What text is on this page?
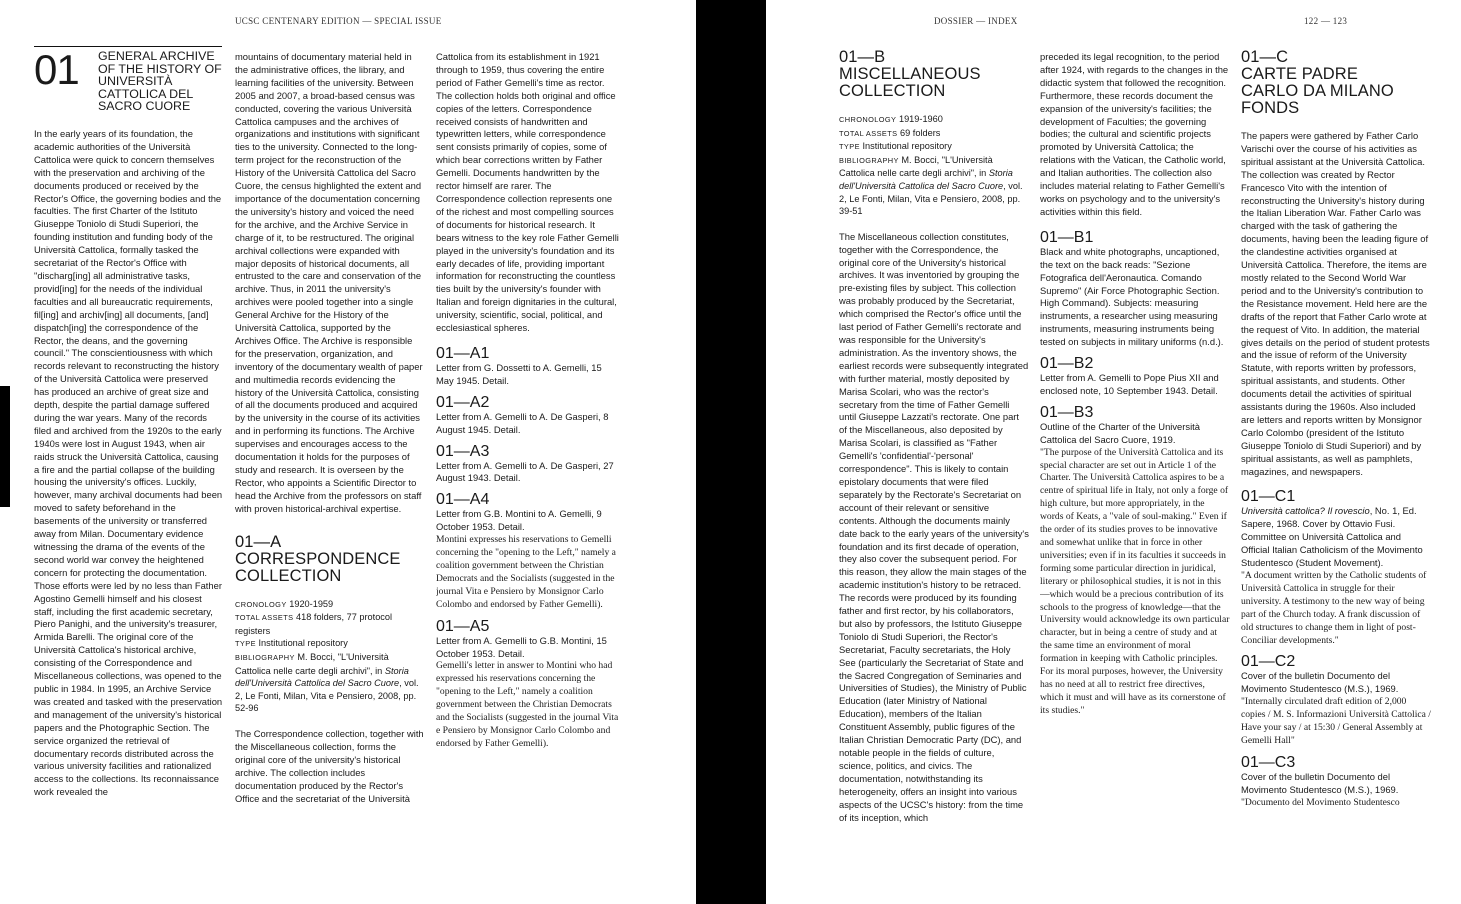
UCSC CENTENARY EDITION — SPECIAL ISSUE	DOSSIER — INDEX	122 — 123
01 GENERAL ARCHIVE OF THE HISTORY OF UNIVERSITÀ CATTOLICA DEL SACRO CUORE

In the early years of its foundation, the academic authorities of the Università Cattolica were quick to concern themselves with the preservation and archiving of the documents produced or received by the Rector's Office, the governing bodies and the faculties. The first Charter of the Istituto Giuseppe Toniolo di Studi Superiori, the founding institution and funding body of the Università Cattolica, formally tasked the secretariat of the Rector's Office with "discharg[ing] all administrative tasks, provid[ing] for the needs of the individual faculties and all bureaucratic requirements, fil[ing] and archiv[ing] all documents, [and] dispatch[ing] the correspondence of the Rector, the deans, and the governing council." The conscientiousness with which records relevant to reconstructing the history of the Università Cattolica were preserved has produced an archive of great size and depth, despite the partial damage suffered during the war years. Many of the records filed and archived from the 1920s to the early 1940s were lost in August 1943, when air raids struck the Università Cattolica, causing a fire and the partial collapse of the building housing the university's offices. Luckily, however, many archival documents had been moved to safety beforehand in the basements of the university or transferred away from Milan. Documentary evidence witnessing the drama of the events of the second world war convey the heightened concern for protecting the documentation. Those efforts were led by no less than Father Agostino Gemelli himself and his closest staff, including the first academic secretary, Piero Panighi, and the university's treasurer, Armida Barelli. The original core of the Università Cattolica's historical archive, consisting of the Correspondence and Miscellaneous collections, was opened to the public in 1984. In 1995, an Archive Service was created and tasked with the preservation and management of the university's historical papers and the Photographic Section. The service organized the retrieval of documentary records distributed across the various university facilities and rationalized access to the collections. Its reconnaissance work revealed the

mountains of documentary material held in the administrative offices, the library, and learning facilities of the university. Between 2005 and 2007, a broad-based census was conducted, covering the various Università Cattolica campuses and the archives of organizations and institutions with significant ties to the university. Connected to the long-term project for the reconstruction of the History of the Università Cattolica del Sacro Cuore, the census highlighted the extent and importance of the documentation concerning the university's history and voiced the need for the archive, and the Archive Service in charge of it, to be restructured. The original archival collections were expanded with major deposits of historical documents, all entrusted to the care and conservation of the archive. Thus, in 2011 the university's archives were pooled together into a single General Archive for the History of the Università Cattolica, supported by the Archives Office. The Archive is responsible for the preservation, organization, and inventory of the documentary wealth of paper and multimedia records evidencing the history of the Università Cattolica, consisting of all the documents produced and acquired by the university in the course of its activities and in performing its functions. The Archive supervises and encourages access to the documentation it holds for the purposes of study and research. It is overseen by the Rector, who appoints a Scientific Director to head the Archive from the professors on staff with proven historical-archival expertise.

01—A
CORRESPONDENCE COLLECTION
CRONOLOGY 1920-1959
TOTAL ASSETS 418 folders, 77 protocol registers
TYPE Institutional repository
BIBLIOGRAPHY M. Bocci, "L'Università Cattolica nelle carte degli archivi", in Storia dell'Università Cattolica del Sacro Cuore, vol. 2, Le Fonti, Milan, Vita e Pensiero, 2008, pp. 52-96

The Correspondence collection, together with the Miscellaneous collection, forms the original core of the university's historical archive. The collection includes documentation produced by the Rector's Office and the secretariat of the Università

Cattolica from its establishment in 1921 through to 1959, thus covering the entire period of Father Gemelli's time as rector. The collection holds both original and office copies of the letters. Correspondence received consists of handwritten and typewritten letters, while correspondence sent consists primarily of copies, some of which bear corrections written by Father Gemelli. Documents handwritten by the rector himself are rarer. The Correspondence collection represents one of the richest and most compelling sources of documents for historical research. It bears witness to the key role Father Gemelli played in the university's foundation and its early decades of life, providing important information for reconstructing the countless ties built by the university's founder with Italian and foreign dignitaries in the cultural, university, scientific, social, political, and ecclesiastical spheres.

01—A1

Letter from G. Dossetti to A. Gemelli, 15 May 1945. Detail.

01—A2

Letter from A. Gemelli to A. De Gasperi, 8 August 1945. Detail.

01—A3

Letter from A. Gemelli to A. De Gasperi, 27 August 1943. Detail.

01—A4

Letter from G.B. Montini to A. Gemelli, 9 October 1953. Detail.

Montini expresses his reservations to Gemelli concerning the "opening to the Left," namely a coalition government between the Christian Democrats and the Socialists (suggested in the journal Vita e Pensiero by Monsignor Carlo Colombo and endorsed by Father Gemelli).

01—A5

Letter from A. Gemelli to G.B. Montini, 15 October 1953. Detail.

Gemelli's letter in answer to Montini who had expressed his reservations concerning the "opening to the Left," namely a coalition government between the Christian Democrats and the Socialists (suggested in the journal Vita e Pensiero by Monsignor Carlo Colombo and endorsed by Father Gemelli).

01—B
MISCELLANEOUS COLLECTION
CHRONOLOGY 1919-1960
TOTAL ASSETS 69 folders
TYPE Institutional repository
BIBLIOGRAPHY M. Bocci, "L'Università Cattolica nelle carte degli archivi", in Storia dell'Università Cattolica del Sacro Cuore, vol. 2, Le Fonti, Milan, Vita e Pensiero, 2008, pp. 39-51

The Miscellaneous collection constitutes, together with the Correspondence, the original core of the University's historical archives. It was inventoried by grouping the pre-existing files by subject. This collection was probably produced by the Secretariat, which comprised the Rector's office until the last period of Father Gemelli's rectorate and was responsible for the University's administration. As the inventory shows, the earliest records were subsequently integrated with further material, mostly deposited by Marisa Scolari, who was the rector's secretary from the time of Father Gemelli until Giuseppe Lazzati's rectorate. One part of the Miscellaneous, also deposited by Marisa Scolari, is classified as "Father Gemelli's 'confidential'-'personal' correspondence". This is likely to contain epistolary documents that were filed separately by the Rectorate's Secretariat on account of their relevant or sensitive contents. Although the documents mainly date back to the early years of the university's foundation and its first decade of operation, they also cover the subsequent period. For this reason, they allow the main stages of the academic institution's history to be retraced. The records were produced by its founding father and first rector, by his collaborators, but also by professors, the Istituto Giuseppe Toniolo di Studi Superiori, the Rector's Secretariat, Faculty secretariats, the Holy See (particularly the Secretariat of State and the Sacred Congregation of Seminaries and Universities of Studies), the Ministry of Public Education (later Ministry of National Education), members of the Italian Constituent Assembly, public figures of the Italian Christian Democratic Party (DC), and notable people in the fields of culture, science, politics, and civics. The documentation, notwithstanding its heterogeneity, offers an insight into various aspects of the UCSC's history: from the time of its inception, which

preceded its legal recognition, to the period after 1924, with regards to the changes in the didactic system that followed the recognition. Furthermore, these records document the expansion of the university's facilities; the development of Faculties; the governing bodies; the cultural and scientific projects promoted by Università Cattolica; the relations with the Vatican, the Catholic world, and Italian authorities. The collection also includes material relating to Father Gemelli's works on psychology and to the university's activities within this field.

01—B1

Black and white photographs, uncaptioned, the text on the back reads: "Sezione Fotografica dell'Aeronautica. Comando Supremo" (Air Force Photographic Section. High Command). Subjects: measuring instruments, a researcher using measuring instruments, measuring instruments being tested on subjects in military uniforms (n.d.).

01—B2

Letter from A. Gemelli to Pope Pius XII and enclosed note, 10 September 1943. Detail.

01—B3

Outline of the Charter of the Università Cattolica del Sacro Cuore, 1919.

"The purpose of the Università Cattolica and its special character are set out in Article 1 of the Charter. The Università Cattolica aspires to be a centre of spiritual life in Italy, not only a forge of high culture, but more appropriately, in the words of Keats, a "vale of soul-making." Even if the order of its studies proves to be innovative and somewhat unlike that in force in other universities; even if in its faculties it succeeds in forming some particular direction in juridical, literary or philosophical studies, it is not in this—which would be a precious contribution of its schools to the progress of knowledge—that the University would acknowledge its own particular character, but in being a centre of study and at the same time an environment of moral formation in keeping with Catholic principles. For its moral purposes, however, the University has no need at all to restrict free directives, which it must and will have as its cornerstone of its studies."

01—C
CARTE PADRE CARLO DA MILANO FONDS

The papers were gathered by Father Carlo Varischi over the course of his activities as spiritual assistant at the Università Cattolica. The collection was created by Rector Francesco Vito with the intention of reconstructing the University's history during the Italian Liberation War. Father Carlo was charged with the task of gathering the documents, having been the leading figure of the clandestine activities organised at Università Cattolica. Therefore, the items are mostly related to the Second World War period and to the University's contribution to the Resistance movement. Held here are the drafts of the report that Father Carlo wrote at the request of Vito. In addition, the material gives details on the period of student protests and the issue of reform of the University Statute, with reports written by professors, spiritual assistants, and students. Other documents detail the activities of spiritual assistants during the 1960s. Also included are letters and reports written by Monsignor Carlo Colombo (president of the Istituto Giuseppe Toniolo di Studi Superiori) and by spiritual assistants, as well as pamphlets, magazines, and newspapers.

01—C1

Università cattolica? Il rovescio, No. 1, Ed. Sapere, 1968. Cover by Ottavio Fusi. Committee on Università Cattolica and Official Italian Catholicism of the Movimento Studentesco (Student Movement).

"A document written by the Catholic students of Università Cattolica in struggle for their university. A testimony to the new way of being part of the Church today. A frank discussion of old structures to change them in light of post-Conciliar developments."

01—C2

Cover of the bulletin Documento del Movimento Studentesco (M.S.), 1969.

"Internally circulated draft edition of 2,000 copies / M. S. Informazioni Università Cattolica / Have your say / at 15:30 / General Assembly at Gemelli Hall"

01—C3

Cover of the bulletin Documento del Movimento Studentesco (M.S.), 1969.

"Documento del Movimento Studentesco
